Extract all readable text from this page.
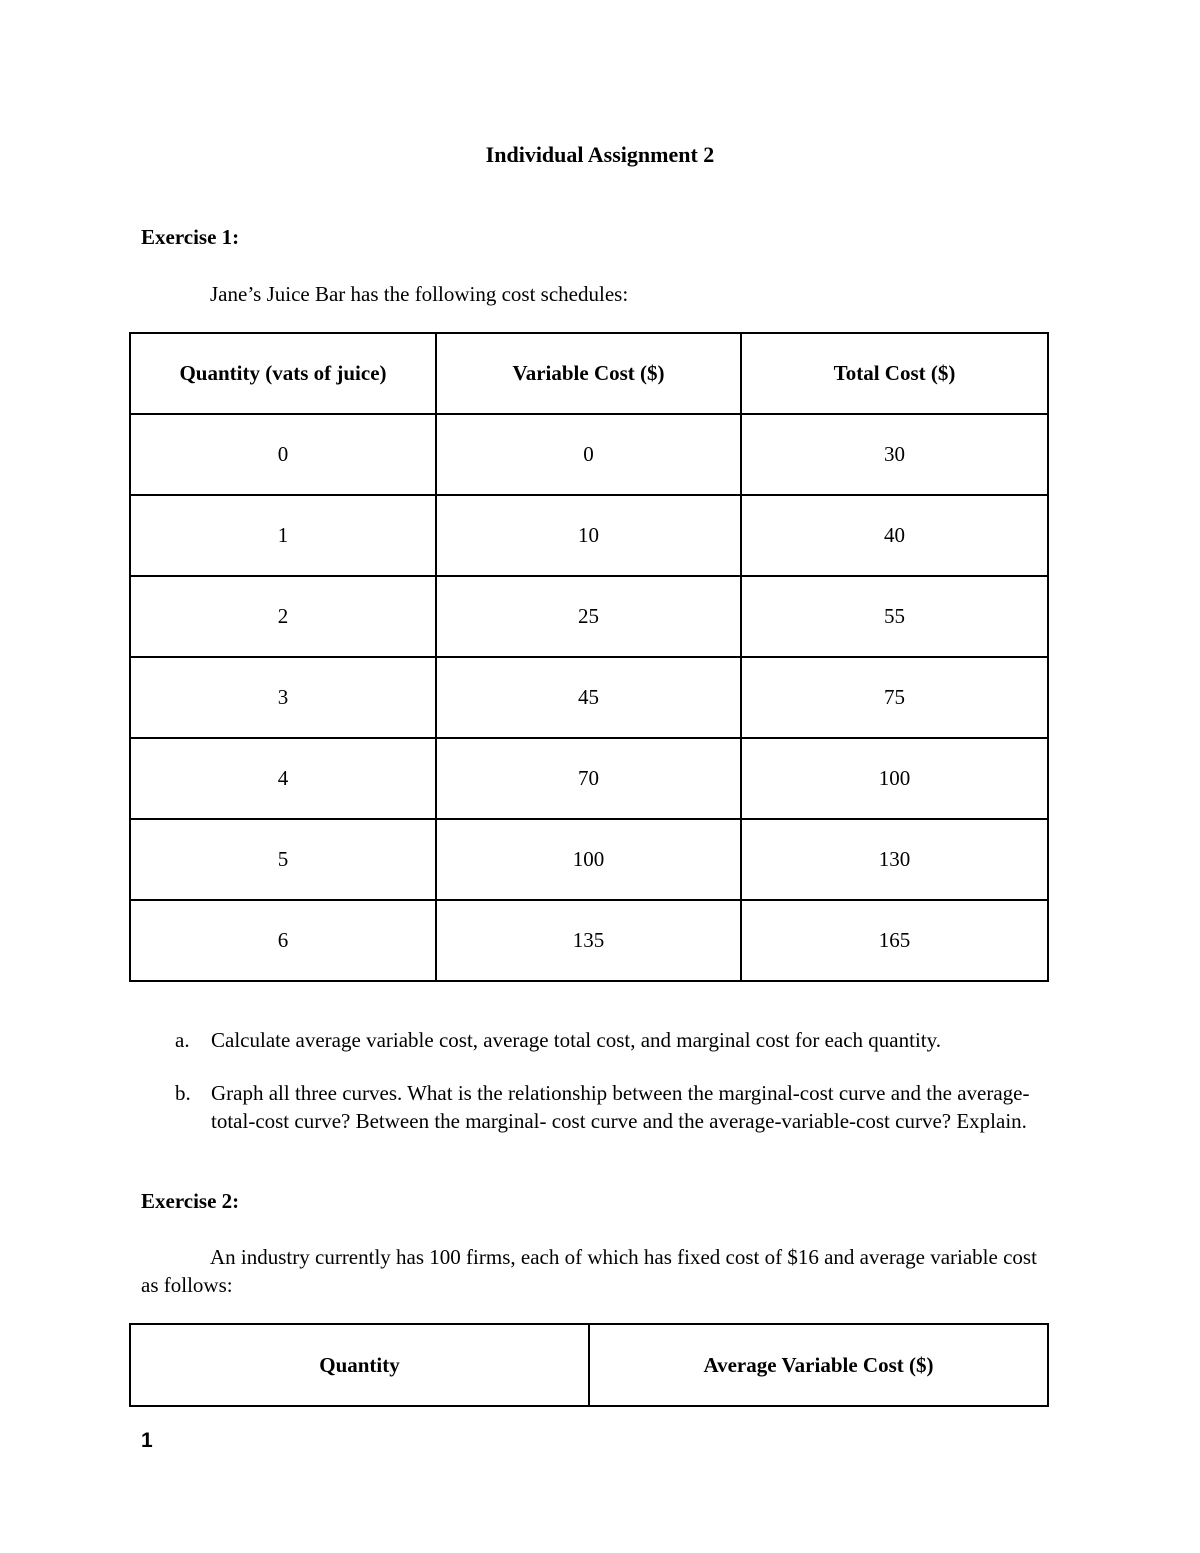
Individual Assignment 2
Exercise 1:

Jane’s Juice Bar has the following cost schedules:

Quantity (vats of juice)	Variable Cost ($)	Total Cost ($)
0	0	30
1	10	40
2	25	55
3	45	75
4	70	100
5	100	130
6	135	165
a. Calculate average variable cost, average total cost, and marginal cost for each quantity.
b. Graph all three curves. What is the relationship between the marginal-cost curve and the average-total-cost curve? Between the marginal- cost curve and the average-variable-cost curve? Explain.
Exercise 2:

An industry currently has 100 firms, each of which has fixed cost of $16 and average variable cost as follows:

Quantity	Average Variable Cost ($)

1
